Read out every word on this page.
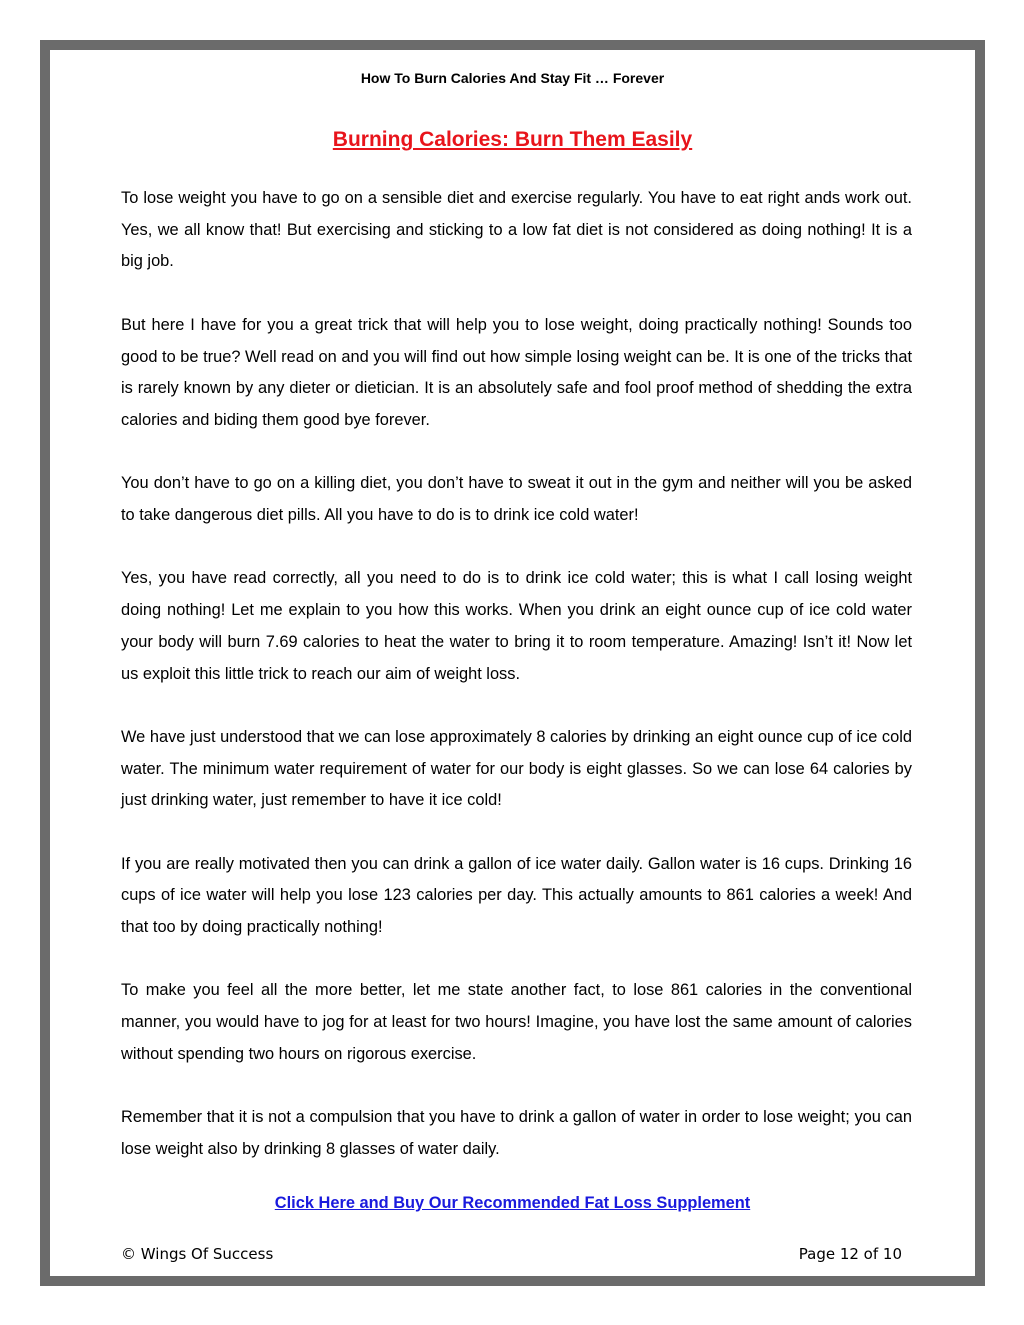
How To Burn Calories And Stay Fit … Forever
Burning Calories: Burn Them Easily

To lose weight you have to go on a sensible diet and exercise regularly. You have to eat right ands work out. Yes, we all know that! But exercising and sticking to a low fat diet is not considered as doing nothing! It is a big job.

But here I have for you a great trick that will help you to lose weight, doing practically nothing! Sounds too good to be true? Well read on and you will find out how simple losing weight can be. It is one of the tricks that is rarely known by any dieter or dietician. It is an absolutely safe and fool proof method of shedding the extra calories and biding them good bye forever.

You don’t have to go on a killing diet, you don’t have to sweat it out in the gym and neither will you be asked to take dangerous diet pills. All you have to do is to drink ice cold water!

Yes, you have read correctly, all you need to do is to drink ice cold water; this is what I call losing weight doing nothing! Let me explain to you how this works. When you drink an eight ounce cup of ice cold water your body will burn 7.69 calories to heat the water to bring it to room temperature. Amazing! Isn’t it! Now let us exploit this little trick to reach our aim of weight loss.

We have just understood that we can lose approximately 8 calories by drinking an eight ounce cup of ice cold water. The minimum water requirement of water for our body is eight glasses. So we can lose 64 calories by just drinking water, just remember to have it ice cold!

If you are really motivated then you can drink a gallon of ice water daily. Gallon water is 16 cups. Drinking 16 cups of ice water will help you lose 123 calories per day. This actually amounts to 861 calories a week! And that too by doing practically nothing!

To make you feel all the more better, let me state another fact, to lose 861 calories in the conventional manner, you would have to jog for at least for two hours! Imagine, you have lost the same amount of calories without spending two hours on rigorous exercise.

Remember that it is not a compulsion that you have to drink a gallon of water in order to lose weight; you can lose weight also by drinking 8 glasses of water daily.

Click Here and Buy Our Recommended Fat Loss Supplement
© Wings Of Success	Page 12 of 10
